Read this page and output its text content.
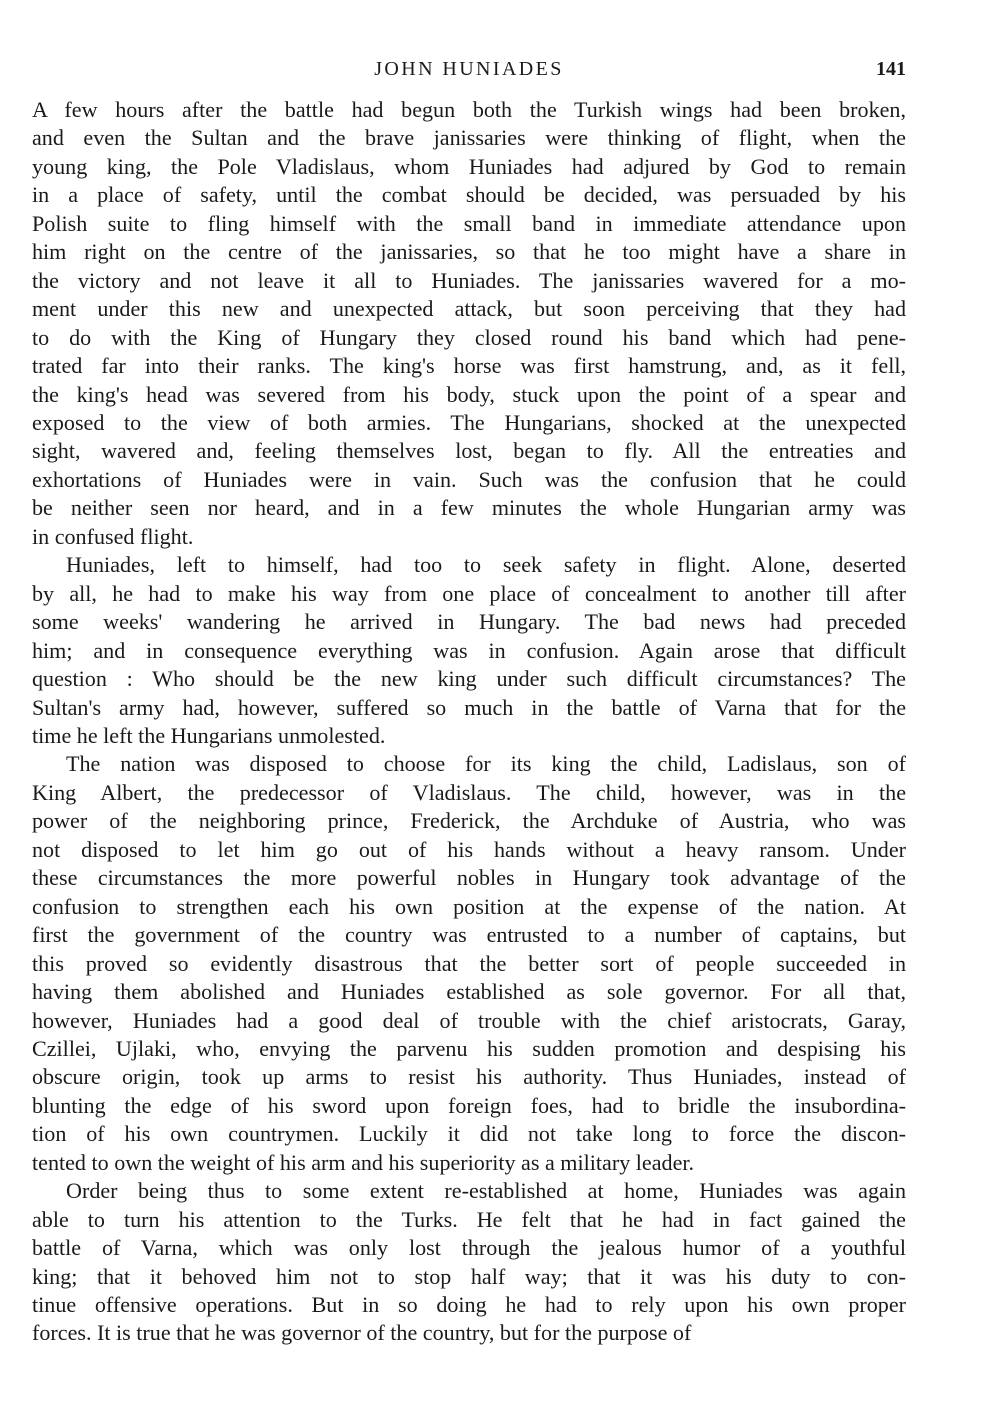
JOHN HUNIADES	141
A few hours after the battle had begun both the Turkish wings had been broken,
and even the Sultan and the brave janissaries were thinking of flight, when the
young king, the Pole Vladislaus, whom Huniades had adjured by God to remain
in a place of safety, until the combat should be decided, was persuaded by his
Polish suite to fling himself with the small band in immediate attendance upon
him right on the centre of the janissaries, so that he too might have a share in
the victory and not leave it all to Huniades. The janissaries wavered for a mo-
ment under this new and unexpected attack, but soon perceiving that they had
to do with the King of Hungary they closed round his band which had pene-
trated far into their ranks. The king's horse was first hamstrung, and, as it fell,
the king's head was severed from his body, stuck upon the point of a spear and
exposed to the view of both armies. The Hungarians, shocked at the unexpected
sight, wavered and, feeling themselves lost, began to fly. All the entreaties and
exhortations of Huniades were in vain. Such was the confusion that he could
be neither seen nor heard, and in a few minutes the whole Hungarian army was
in confused flight.
Huniades, left to himself, had too to seek safety in flight. Alone, deserted
by all, he had to make his way from one place of concealment to another till after
some weeks' wandering he arrived in Hungary. The bad news had preceded
him; and in consequence everything was in confusion. Again arose that difficult
question : Who should be the new king under such difficult circumstances? The
Sultan's army had, however, suffered so much in the battle of Varna that for the
time he left the Hungarians unmolested.
The nation was disposed to choose for its king the child, Ladislaus, son of
King Albert, the predecessor of Vladislaus. The child, however, was in the
power of the neighboring prince, Frederick, the Archduke of Austria, who was
not disposed to let him go out of his hands without a heavy ransom. Under
these circumstances the more powerful nobles in Hungary took advantage of the
confusion to strengthen each his own position at the expense of the nation. At
first the government of the country was entrusted to a number of captains, but
this proved so evidently disastrous that the better sort of people succeeded in
having them abolished and Huniades established as sole governor. For all that,
however, Huniades had a good deal of trouble with the chief aristocrats, Garay,
Czillei, Ujlaki, who, envying the parvenu his sudden promotion and despising his
obscure origin, took up arms to resist his authority. Thus Huniades, instead of
blunting the edge of his sword upon foreign foes, had to bridle the insubordina-
tion of his own countrymen. Luckily it did not take long to force the discon-
tented to own the weight of his arm and his superiority as a military leader.
Order being thus to some extent re-established at home, Huniades was again
able to turn his attention to the Turks. He felt that he had in fact gained the
battle of Varna, which was only lost through the jealous humor of a youthful
king; that it behoved him not to stop half way; that it was his duty to con-
tinue offensive operations. But in so doing he had to rely upon his own proper
forces. It is true that he was governor of the country, but for the purpose of
